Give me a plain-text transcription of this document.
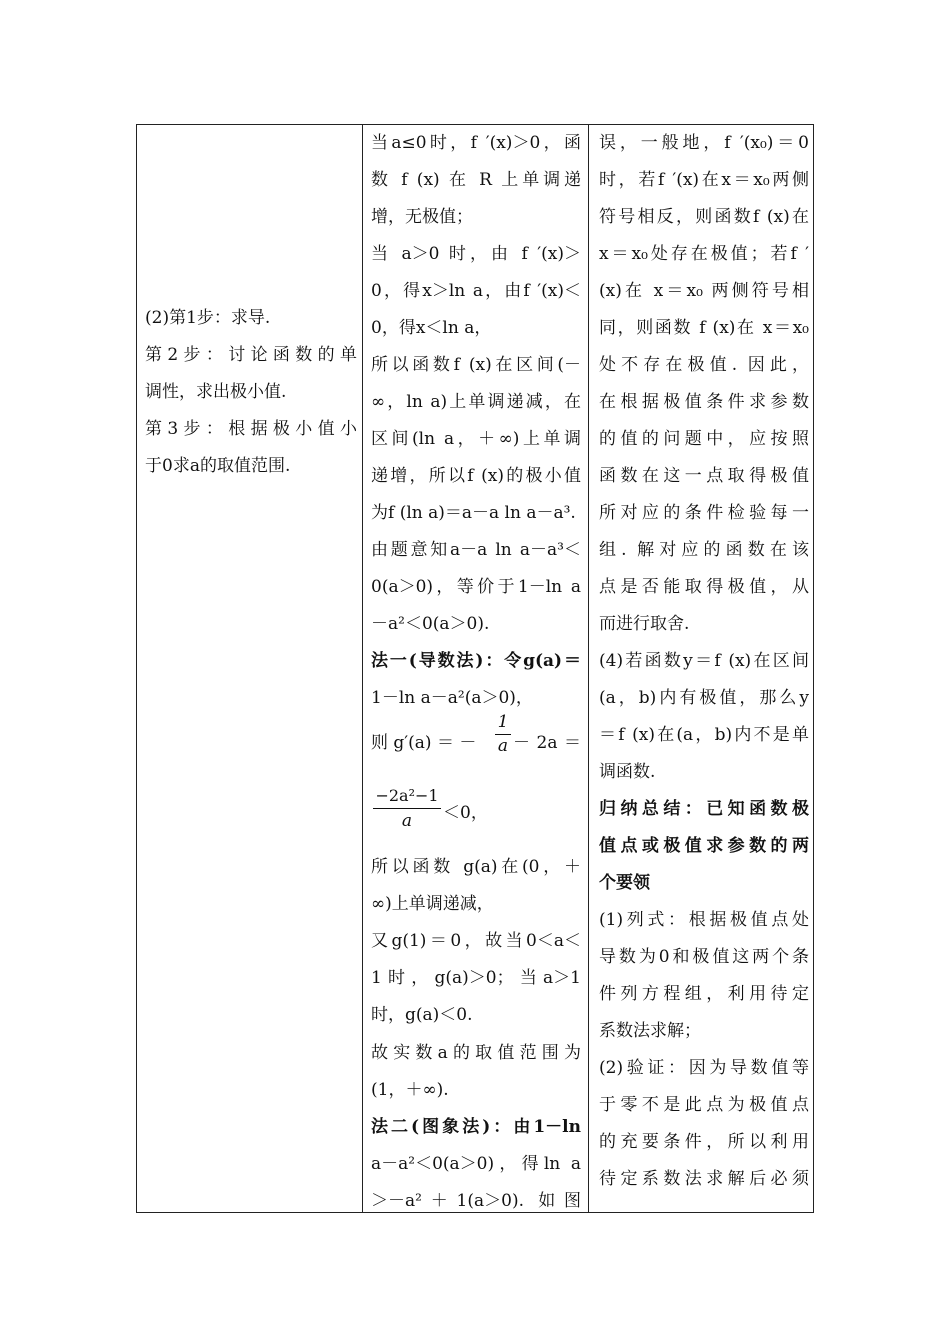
(2)第1步：求导.
第2步：讨论函数的单
调性，求出极小值.
第3步：根据极小值小
于0求a的取值范围.
当a≤0时，f ′(x)＞0，函
数 f (x) 在 R 上单调递
增，无极值；
当 a＞0 时，由 f ′(x)＞
0，得x＞ln a，由f ′(x)＜
0，得x＜ln a，
所以函数f (x)在区间(－
∞，ln a)上单调递减，在
区间(ln a，＋∞)上单调
递增，所以f (x)的极小值
为f (ln a)＝a－a ln a－a³.
由题意知a－a ln a－a³＜
0(a＞0)，等价于1－ln a
－a²＜0(a＞0).
法一(导数法)：令g(a)＝
1－ln a－a²(a＞0)，
则 g′(a) ＝ －
1
a － 2a ＝
−2a²−1
a	＜0，
所以函数 g(a)在(0，＋
∞)上单调递减，
又g(1)＝0，故当0＜a＜
1时，g(a)＞0；当a＞1
时，g(a)＜0.
故实数a的取值范围为
(1，＋∞).
法二(图象法)：由1－ln
a－a²＜0(a＞0)，得ln a
＞－a²＋1(a＞0). 如图
误，一般地，f ′(x₀)＝0
时，若f ′(x)在x＝x₀两侧
符号相反，则函数f (x)在
x＝x₀处存在极值；若f ′
(x)在 x＝x₀ 两侧符号相
同，则函数 f (x)在 x＝x₀
处不存在极值. 因此，
在根据极值条件求参数
的值的问题中，应按照
函数在这一点取得极值
所对应的条件检验每一
组. 解对应的函数在该
点是否能取得极值，从
而进行取舍.
(4)若函数y＝f (x)在区间
(a，b)内有极值，那么y
＝f (x)在(a，b)内不是单
调函数.
归纳总结：已知函数极
值点或极值求参数的两
个要领
(1)列式：根据极值点处
导数为0和极值这两个条
件列方程组，利用待定
系数法求解；
(2)验证：因为导数值等
于零不是此点为极值点
的充要条件，所以利用
待定系数法求解后必须
